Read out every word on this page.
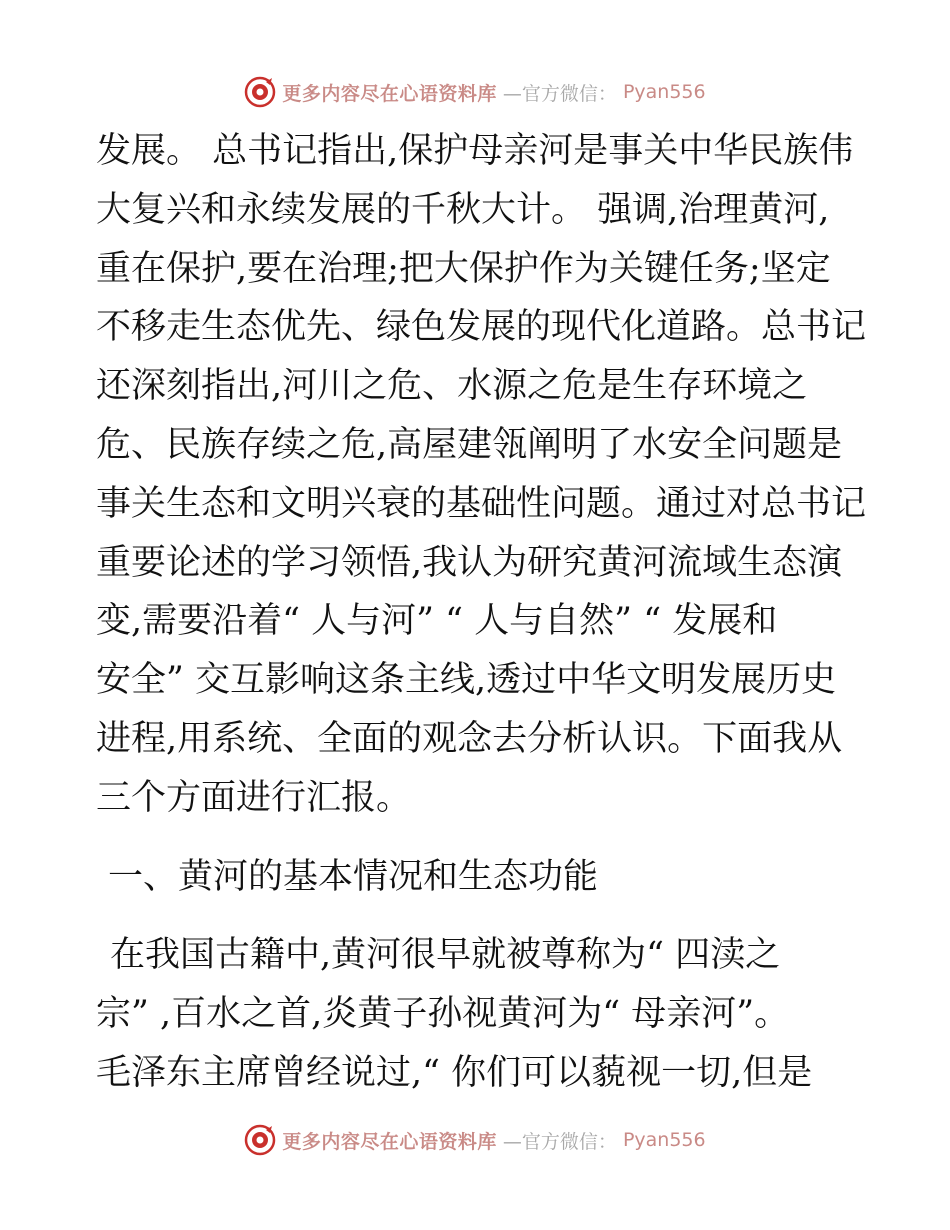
更多内容尽在心语资料库 —官方微信： Pyan556
发展。 总书记指出,保护母亲河是事关中华民族伟
大复兴和永续发展的千秋大计。 强调,治理黄河,
重在保护,要在治理;把大保护作为关键任务;坚定
不移走生态优先、绿色发展的现代化道路。总书记
还深刻指出,河川之危、水源之危是生存环境之
危、民族存续之危,高屋建瓴阐明了水安全问题是
事关生态和文明兴衰的基础性问题。通过对总书记
重要论述的学习领悟,我认为研究黄河流域生态演
变,需要沿着“ 人与河” “ 人与自然” “ 发展和
安全” 交互影响这条主线,透过中华文明发展历史
进程,用系统、全面的观念去分析认识。下面我从
三个方面进行汇报。
一、黄河的基本情况和生态功能
在我国古籍中,黄河很早就被尊称为“ 四渎之
宗” ,百水之首,炎黄子孙视黄河为“ 母亲河”。
毛泽东主席曾经说过,“ 你们可以藐视一切,但是
更多内容尽在心语资料库 —官方微信： Pyan556
